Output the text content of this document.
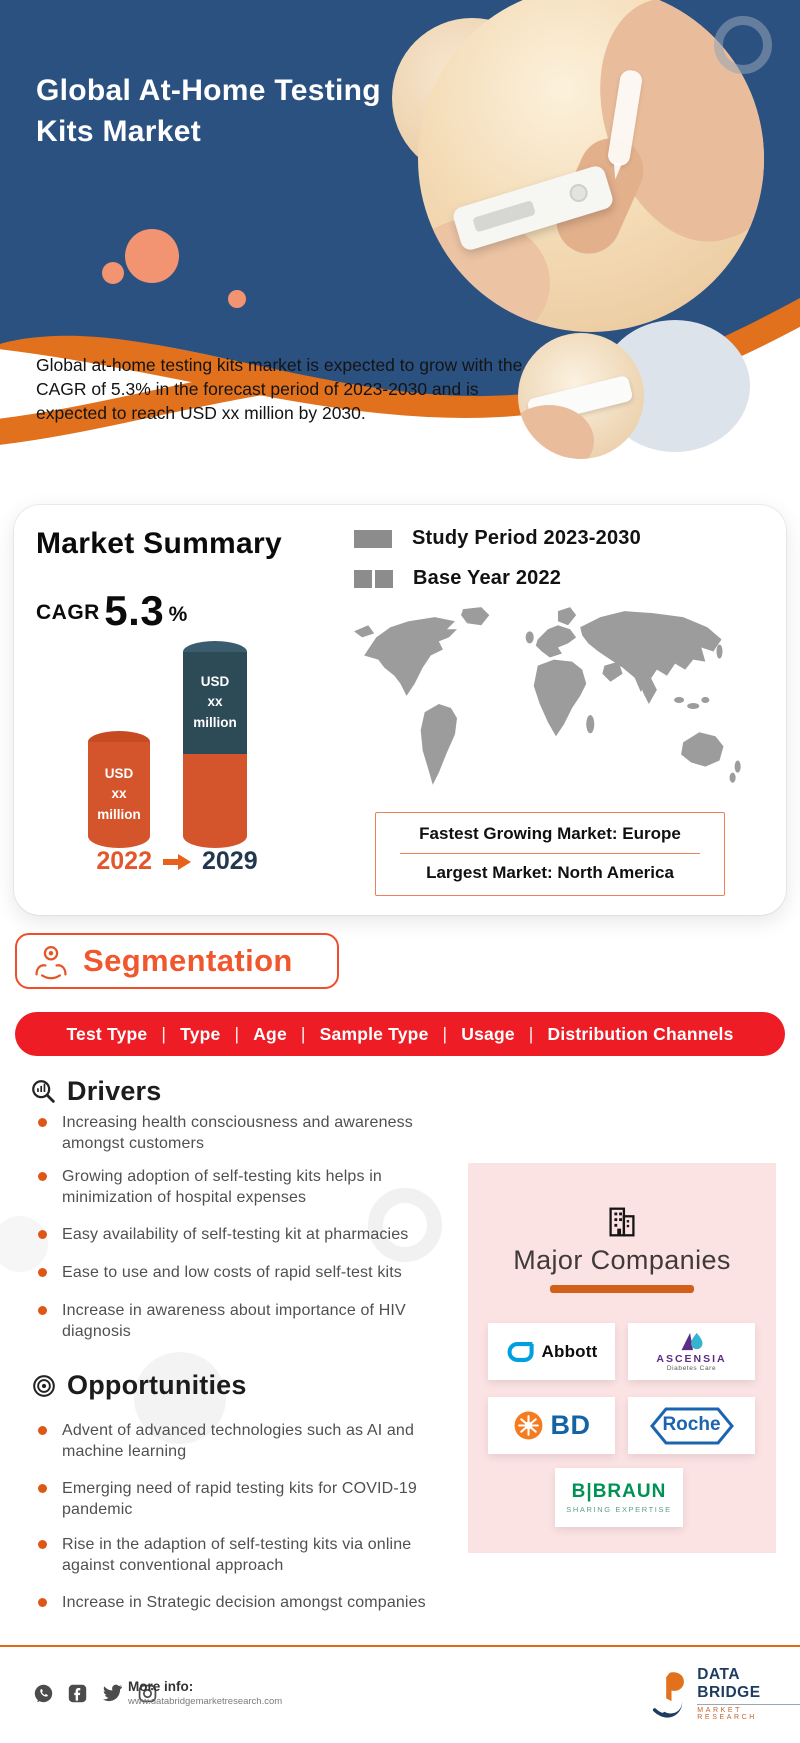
Global At-Home Testing
Kits Market

Global at-home testing kits market is expected to grow with the CAGR of 5.3% in the forecast period of 2023-2030 and is expected to reach USD xx million by 2030.

Market Summary
CAGR 5.3 %
USD
xx
million
USD
xx
million
2022 2029
Study Period 2023-2030
Base Year 2022
Fastest Growing Market: Europe
Largest Market: North America
Segmentation
Test Type | Type | Age | Sample Type | Usage | Distribution Channels
Drivers
Increasing health consciousness and awareness amongst customers
Growing adoption of self-testing kits helps in minimization of hospital expenses
Easy availability of self-testing kit at pharmacies
Ease to use and low costs of rapid self-test kits
Increase in awareness about importance of HIV diagnosis
Opportunities
Advent of advanced technologies such as AI and machine learning
Emerging need of rapid testing kits for COVID-19 pandemic
Rise in the adaption of self-testing kits via online against conventional approach
Increase in Strategic decision amongst companies
Major Companies
Abbott	ASCENSIA
Diabetes Care
BD	Roche
B|BRAUN
SHARING EXPERTISE
More info:
www.databridgemarketresearch.com
DATA BRIDGE
MARKET RESEARCH
